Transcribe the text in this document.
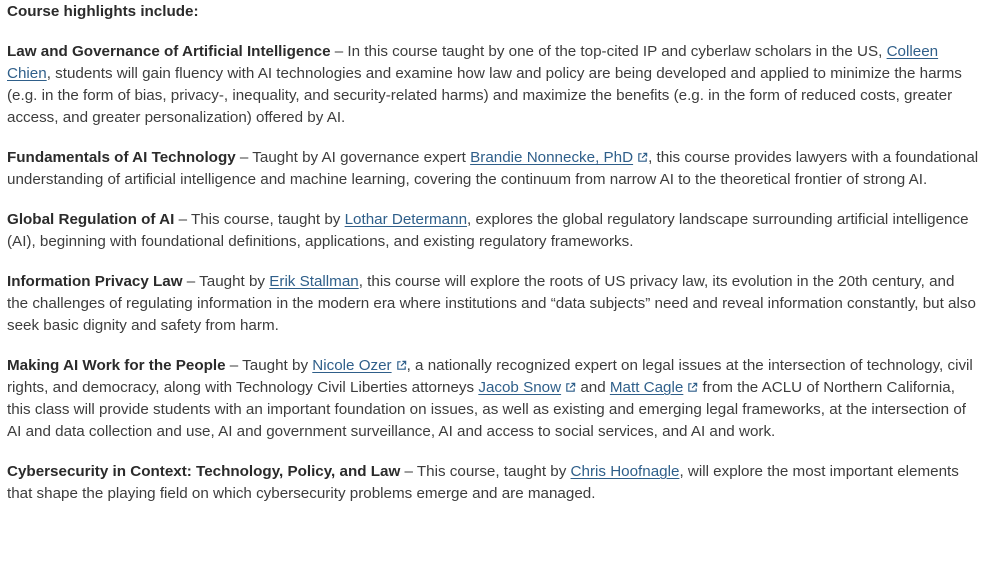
Course highlights include:

Law and Governance of Artificial Intelligence – In this course taught by one of the top-cited IP and cyberlaw scholars in the US, Colleen Chien, students will gain fluency with AI technologies and examine how law and policy are being developed and applied to minimize the harms (e.g. in the form of bias, privacy-, inequality, and security-related harms) and maximize the benefits (e.g. in the form of reduced costs, greater access, and greater personalization) offered by AI.

Fundamentals of AI Technology – Taught by AI governance expert Brandie Nonnecke, PhD , this course provides lawyers with a foundational understanding of artificial intelligence and machine learning, covering the continuum from narrow AI to the theoretical frontier of strong AI.

Global Regulation of AI – This course, taught by Lothar Determann, explores the global regulatory landscape surrounding artificial intelligence (AI), beginning with foundational definitions, applications, and existing regulatory frameworks.

Information Privacy Law – Taught by Erik Stallman, this course will explore the roots of US privacy law, its evolution in the 20th century, and the challenges of regulating information in the modern era where institutions and “data subjects” need and reveal information constantly, but also seek basic dignity and safety from harm.

Making AI Work for the People – Taught by Nicole Ozer , a nationally recognized expert on legal issues at the intersection of technology, civil rights, and democracy, along with Technology Civil Liberties attorneys Jacob Snow
and Matt Cagle
from the ACLU of Northern California, this class will provide students with an important foundation on issues, as well as existing and emerging legal frameworks, at the intersection of AI and data collection and use, AI and government surveillance, AI and access to social services, and AI and work.

Cybersecurity in Context: Technology, Policy, and Law – This course, taught by Chris Hoofnagle, will explore the most important elements that shape the playing field on which cybersecurity problems emerge and are managed.
